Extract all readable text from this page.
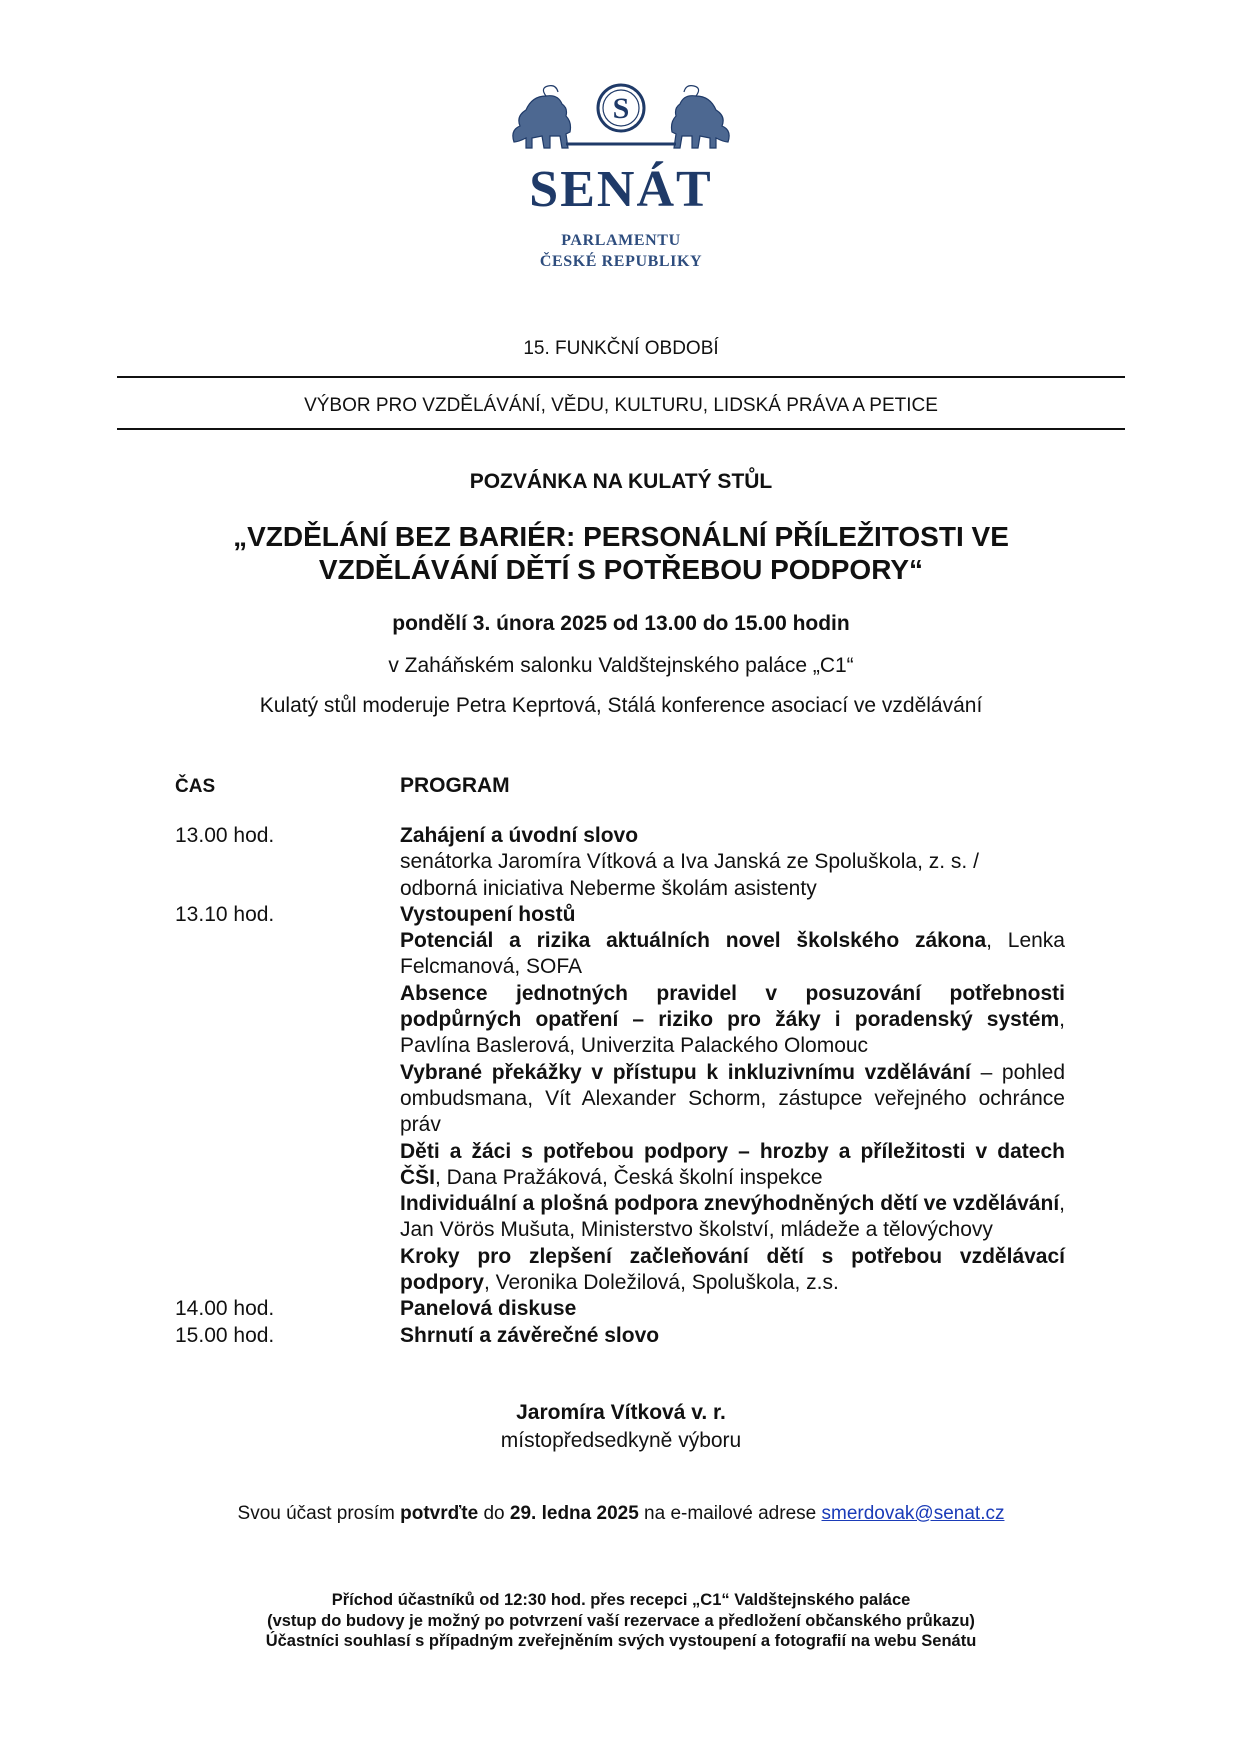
S
SENÁT
PARLAMENTU
ČESKÉ REPUBLIKY
15. FUNKČNÍ OBDOBÍ
VÝBOR PRO VZDĚLÁVÁNÍ, VĚDU, KULTURU, LIDSKÁ PRÁVA A PETICE
POZVÁNKA NA KULATÝ STŮL
„VZDĚLÁNÍ BEZ BARIÉR: PERSONÁLNÍ PŘÍLEŽITOSTI VE
VZDĚLÁVÁNÍ DĚTÍ S POTŘEBOU PODPORY“
pondělí 3. února 2025 od 13.00 do 15.00 hodin
v Zaháňském salonku Valdštejnského paláce „C1“
Kulatý stůl moderuje Petra Keprtová, Stálá konference asociací ve vzdělávání
ČAS	PROGRAM
13.00 hod.	Zahájení a úvodní slovo
senátorka Jaromíra Vítková a Iva Janská ze Spoluškola, z. s. /
odborná iniciativa Neberme školám asistenty
13.10 hod.	Vystoupení hostů
Potenciál a rizika aktuálních novel školského zákona, Lenka Felcmanová, SOFA
Absence jednotných pravidel v posuzování potřebnosti podpůrných opatření – riziko pro žáky i poradenský systém, Pavlína Baslerová, Univerzita Palackého Olomouc
Vybrané překážky v přístupu k inkluzivnímu vzdělávání – pohled ombudsmana, Vít Alexander Schorm, zástupce veřejného ochránce práv
Děti a žáci s potřebou podpory – hrozby a příležitosti v datech ČŠI, Dana Pražáková, Česká školní inspekce
Individuální a plošná podpora znevýhodněných dětí ve vzdělávání, Jan Vörös Mušuta, Ministerstvo školství, mládeže a tělovýchovy
Kroky pro zlepšení začleňování dětí s potřebou vzdělávací podpory, Veronika Doležilová, Spoluškola, z.s.
14.00 hod.	Panelová diskuse
15.00 hod.	Shrnutí a závěrečné slovo
Jaromíra Vítková v. r.
místopředsedkyně výboru
Svou účast prosím potvrďte do 29. ledna 2025 na e-mailové adrese smerdovak@senat.cz
Příchod účastníků od 12:30 hod. přes recepci „C1“ Valdštejnského paláce
(vstup do budovy je možný po potvrzení vaší rezervace a předložení občanského průkazu)
Účastníci souhlasí s případným zveřejněním svých vystoupení a fotografií na webu Senátu
